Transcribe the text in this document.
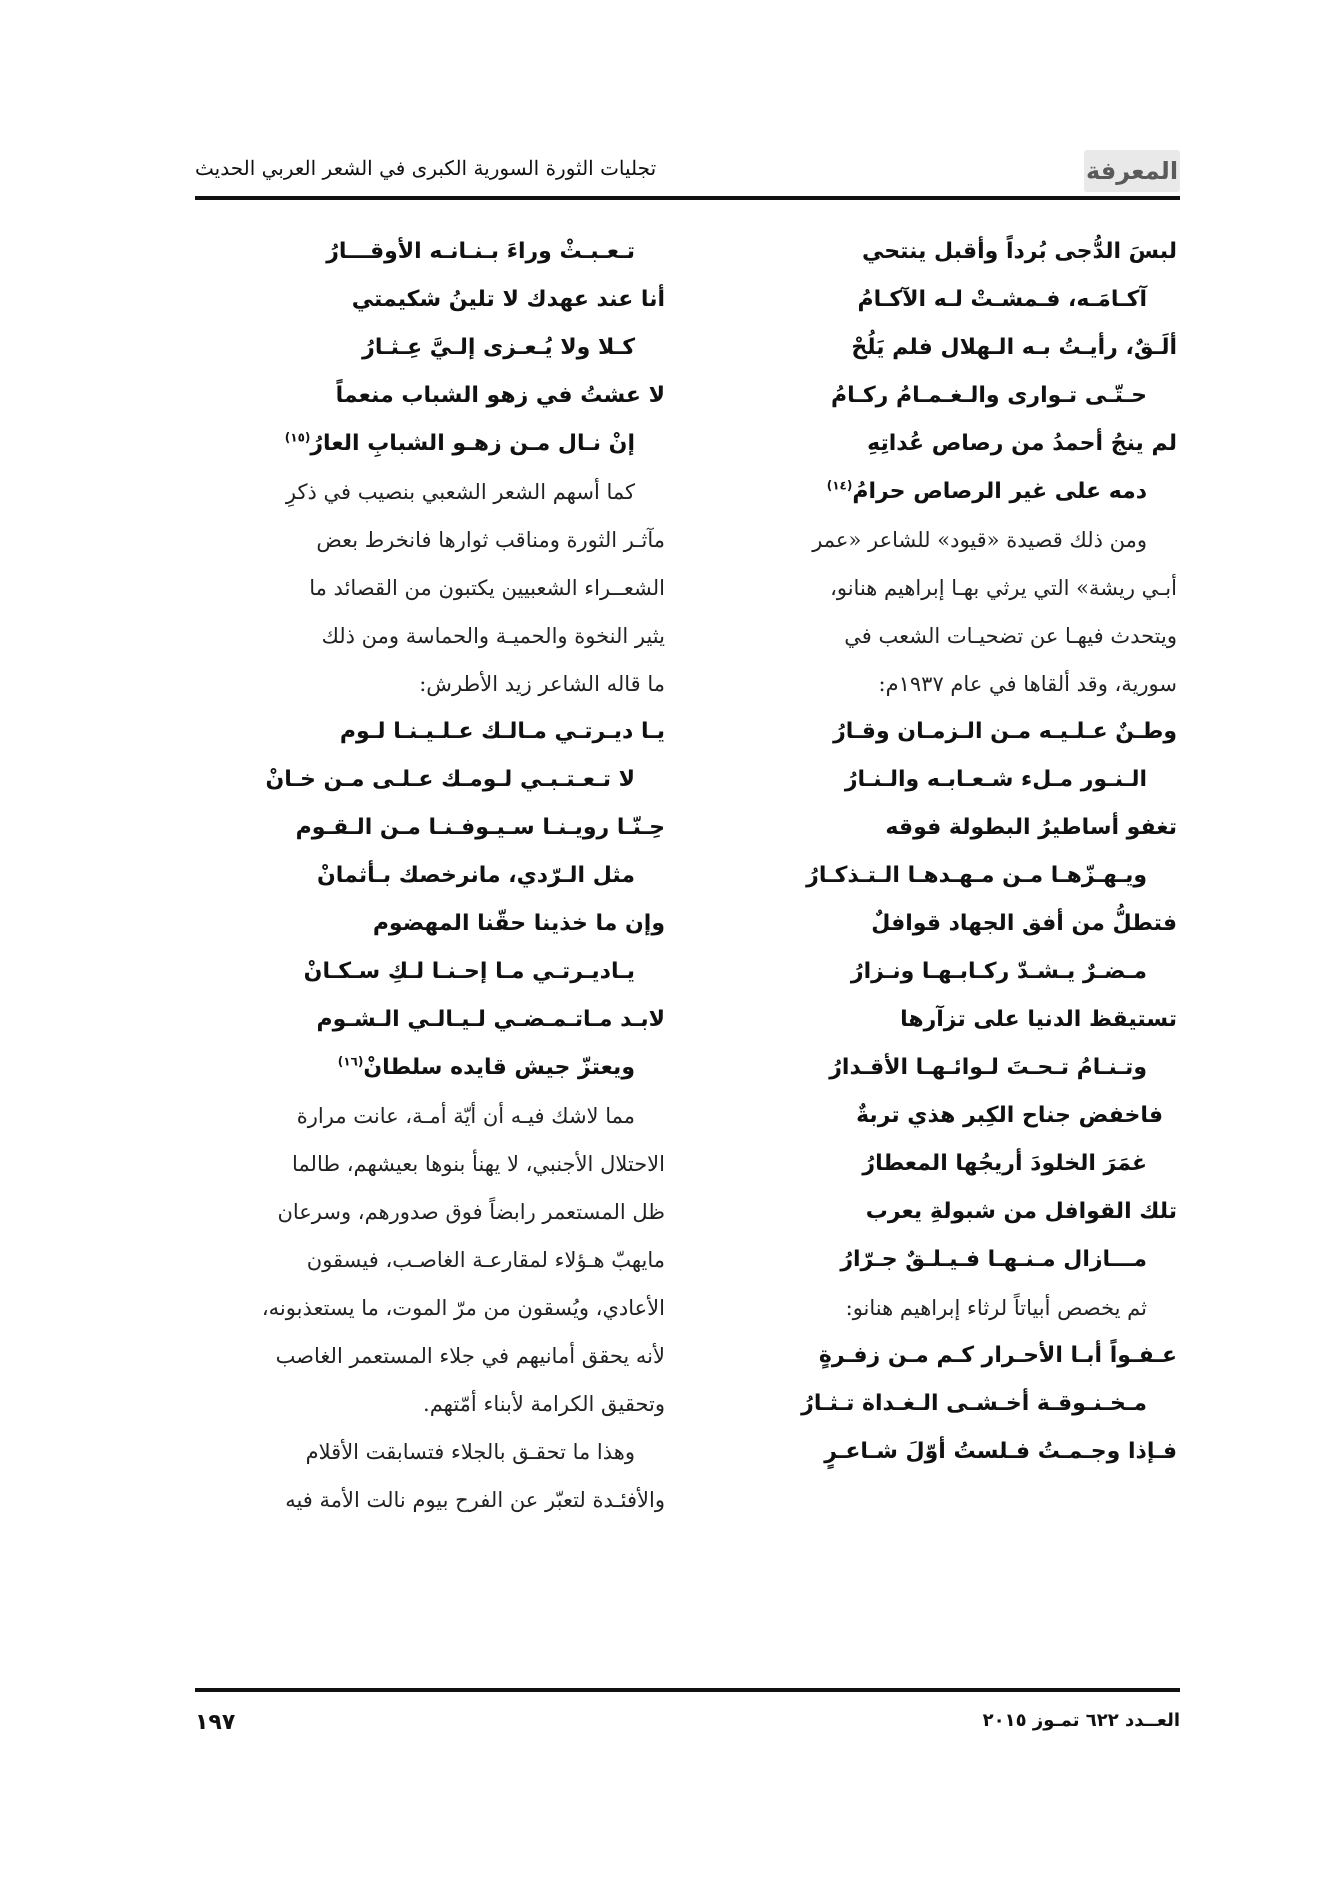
تجليات الثورة السورية الكبرى في الشعر العربي الحديث	المعرفة
لبسَ الدُّجى بُرداً وأقبل ينتحي
آكـامَـه، فـمشـتْ لـه الآكـامُ
ألَـقٌ، رأيـتُ بـه الـهلال فلم يَلُحْ
حـتّـى تـوارى والـغـمـامُ ركـامُ
لم ينجُ أحمدُ من رصاص عُداتِهِ
دمه على غير الرصاص حرامُ$^{(١٤)}$
ومن ذلك قصيدة «قيود» للشاعر «عمر
أبـي ريشة» التي يرثي بهـا إبراهيم هنانو،
ويتحدث فيهـا عن تضحيـات الشعب في
سورية، وقد ألقاها في عام ١٩٣٧م:
وطـنٌ عـلـيـه مـن الـزمـان وقـارُ
الـنـور مـلء شـعـابـه والـنـارُ
تغفو أساطيرُ البطولة فوقه
ويـهـزّهـا مـن مـهـدهـا الـتـذكـارُ
فتطلُّ من أفق الجهاد قوافلٌ
مـضـرٌ يـشـدّ ركـابـهـا ونـزارُ
تستيقظ الدنيا على تزآرها
وتـنـامُ تـحـتَ لـوائـهـا الأقـدارُ
فاخفض جناح الكِبر هذي تربةٌ
غمَرَ الخلودَ أريجُها المعطارُ
تلك القوافل من شبولةِ يعرب
مـــازال مـنـهـا فـيـلـقٌ جـرّارُ
ثم يخصص أبياتاً لرثاء إبراهيم هنانو:
عـفـواً أبـا الأحـرار كـم مـن زفـرةٍ
مـخـنـوقـة أخـشـى الـغـداة تـثـارُ
فـإذا وجـمـتُ فـلستُ أوّلَ شـاعـرٍ
تـعـبـثْ وراءَ بـنـانـه الأوقـــارُ
أنا عند عهدك لا تلينُ شكيمتي
كـلا ولا يُـعـزى إلـيَّ عِـثـارُ
لا عشتُ في زهو الشباب منعماً
إنْ نـال مـن زهـو الشبابِ العارُ$^{(١٥)}$
كما أسهم الشعر الشعبي بنصيب في ذكرِ
مآثـر الثورة ومناقب ثوارها فانخرط بعض
الشعــراء الشعبيين يكتبون من القصائد ما
يثير النخوة والحميـة والحماسة ومن ذلك
ما قاله الشاعر زيد الأطرش:
يـا ديـرتـي مـالـك عـلـيـنـا لـوم
لا تـعـتـبـي لـومـك عـلـى مـن خـانْ
حِـنّـا رويـنـا سـيـوفـنـا مـن الـقـوم
مثل الـرّدي، مانرخصك بـأثمانْ
وإن ما خذينا حقّنا المهضوم
يـاديـرتـي مـا إحـنـا لـكِ سـكـانْ
لابـد مـاتـمـضـي لـيـالـي الـشـوم
ويعتزّ جيش قايده سلطانْ$^{(١٦)}$
مما لاشك فيـه أن أيّة أمـة، عانت مرارة
الاحتلال الأجنبي، لا يهنأ بنوها بعيشهم، طالما
ظل المستعمر رابضاً فوق صدورهم، وسرعان
مايهبّ هـؤلاء لمقارعـة الغاصـب، فيسقون
الأعادي، ويُسقون من مرّ الموت، ما يستعذبونه،
لأنه يحقق أمانيهم في جلاء المستعمر الغاصب
وتحقيق الكرامة لأبناء أمّتهم.
وهذا ما تحقـق بالجلاء فتسابقت الأقلام
والأفئـدة لتعبّر عن الفرح بيوم نالت الأمة فيه
١٩٧	العــدد ٦٢٢ تمـوز ٢٠١٥
